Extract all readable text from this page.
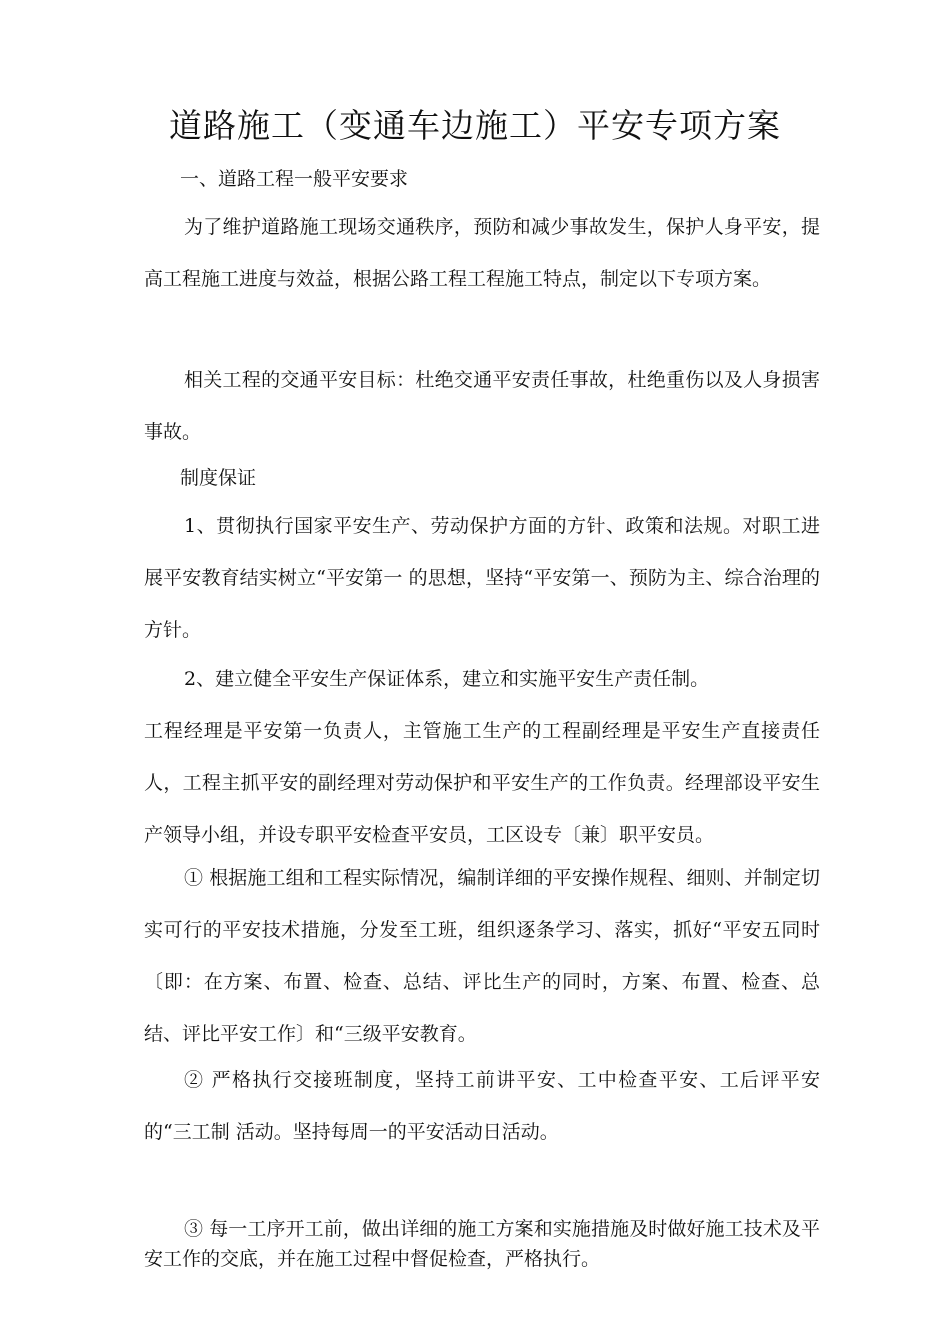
道路施工（变通车边施工）平安专项方案

一、道路工程一般平安要求

为了维护道路施工现场交通秩序，预防和减少事故发生，保护人身平安，提高工程施工进度与效益，根据公路工程工程施工特点，制定以下专项方案。

相关工程的交通平安目标：杜绝交通平安责任事故，杜绝重伤以及人身损害事故。

制度保证

1、贯彻执行国家平安生产、劳动保护方面的方针、政策和法规。对职工进展平安教育结实树立“平安第一 的思想，坚持“平安第一、预防为主、综合治理的方针。

2、建立健全平安生产保证体系，建立和实施平安生产责任制。

工程经理是平安第一负责人，主管施工生产的工程副经理是平安生产直接责任人，工程主抓平安的副经理对劳动保护和平安生产的工作负责。经理部设平安生产领导小组，并设专职平安检查平安员，工区设专〔兼〕职平安员。

① 根据施工组和工程实际情况，编制详细的平安操作规程、细则、并制定切实可行的平安技术措施，分发至工班，组织逐条学习、落实，抓好“平安五同时 〔即：在方案、布置、检查、总结、评比生产的同时，方案、布置、检查、总结、评比平安工作〕和“三级平安教育。

② 严格执行交接班制度，坚持工前讲平安、工中检查平安、工后评平安的“三工制 活动。坚持每周一的平安活动日活动。

③ 每一工序开工前，做出详细的施工方案和实施措施及时做好施工技术及平安工作的交底，并在施工过程中督促检查，严格执行。
